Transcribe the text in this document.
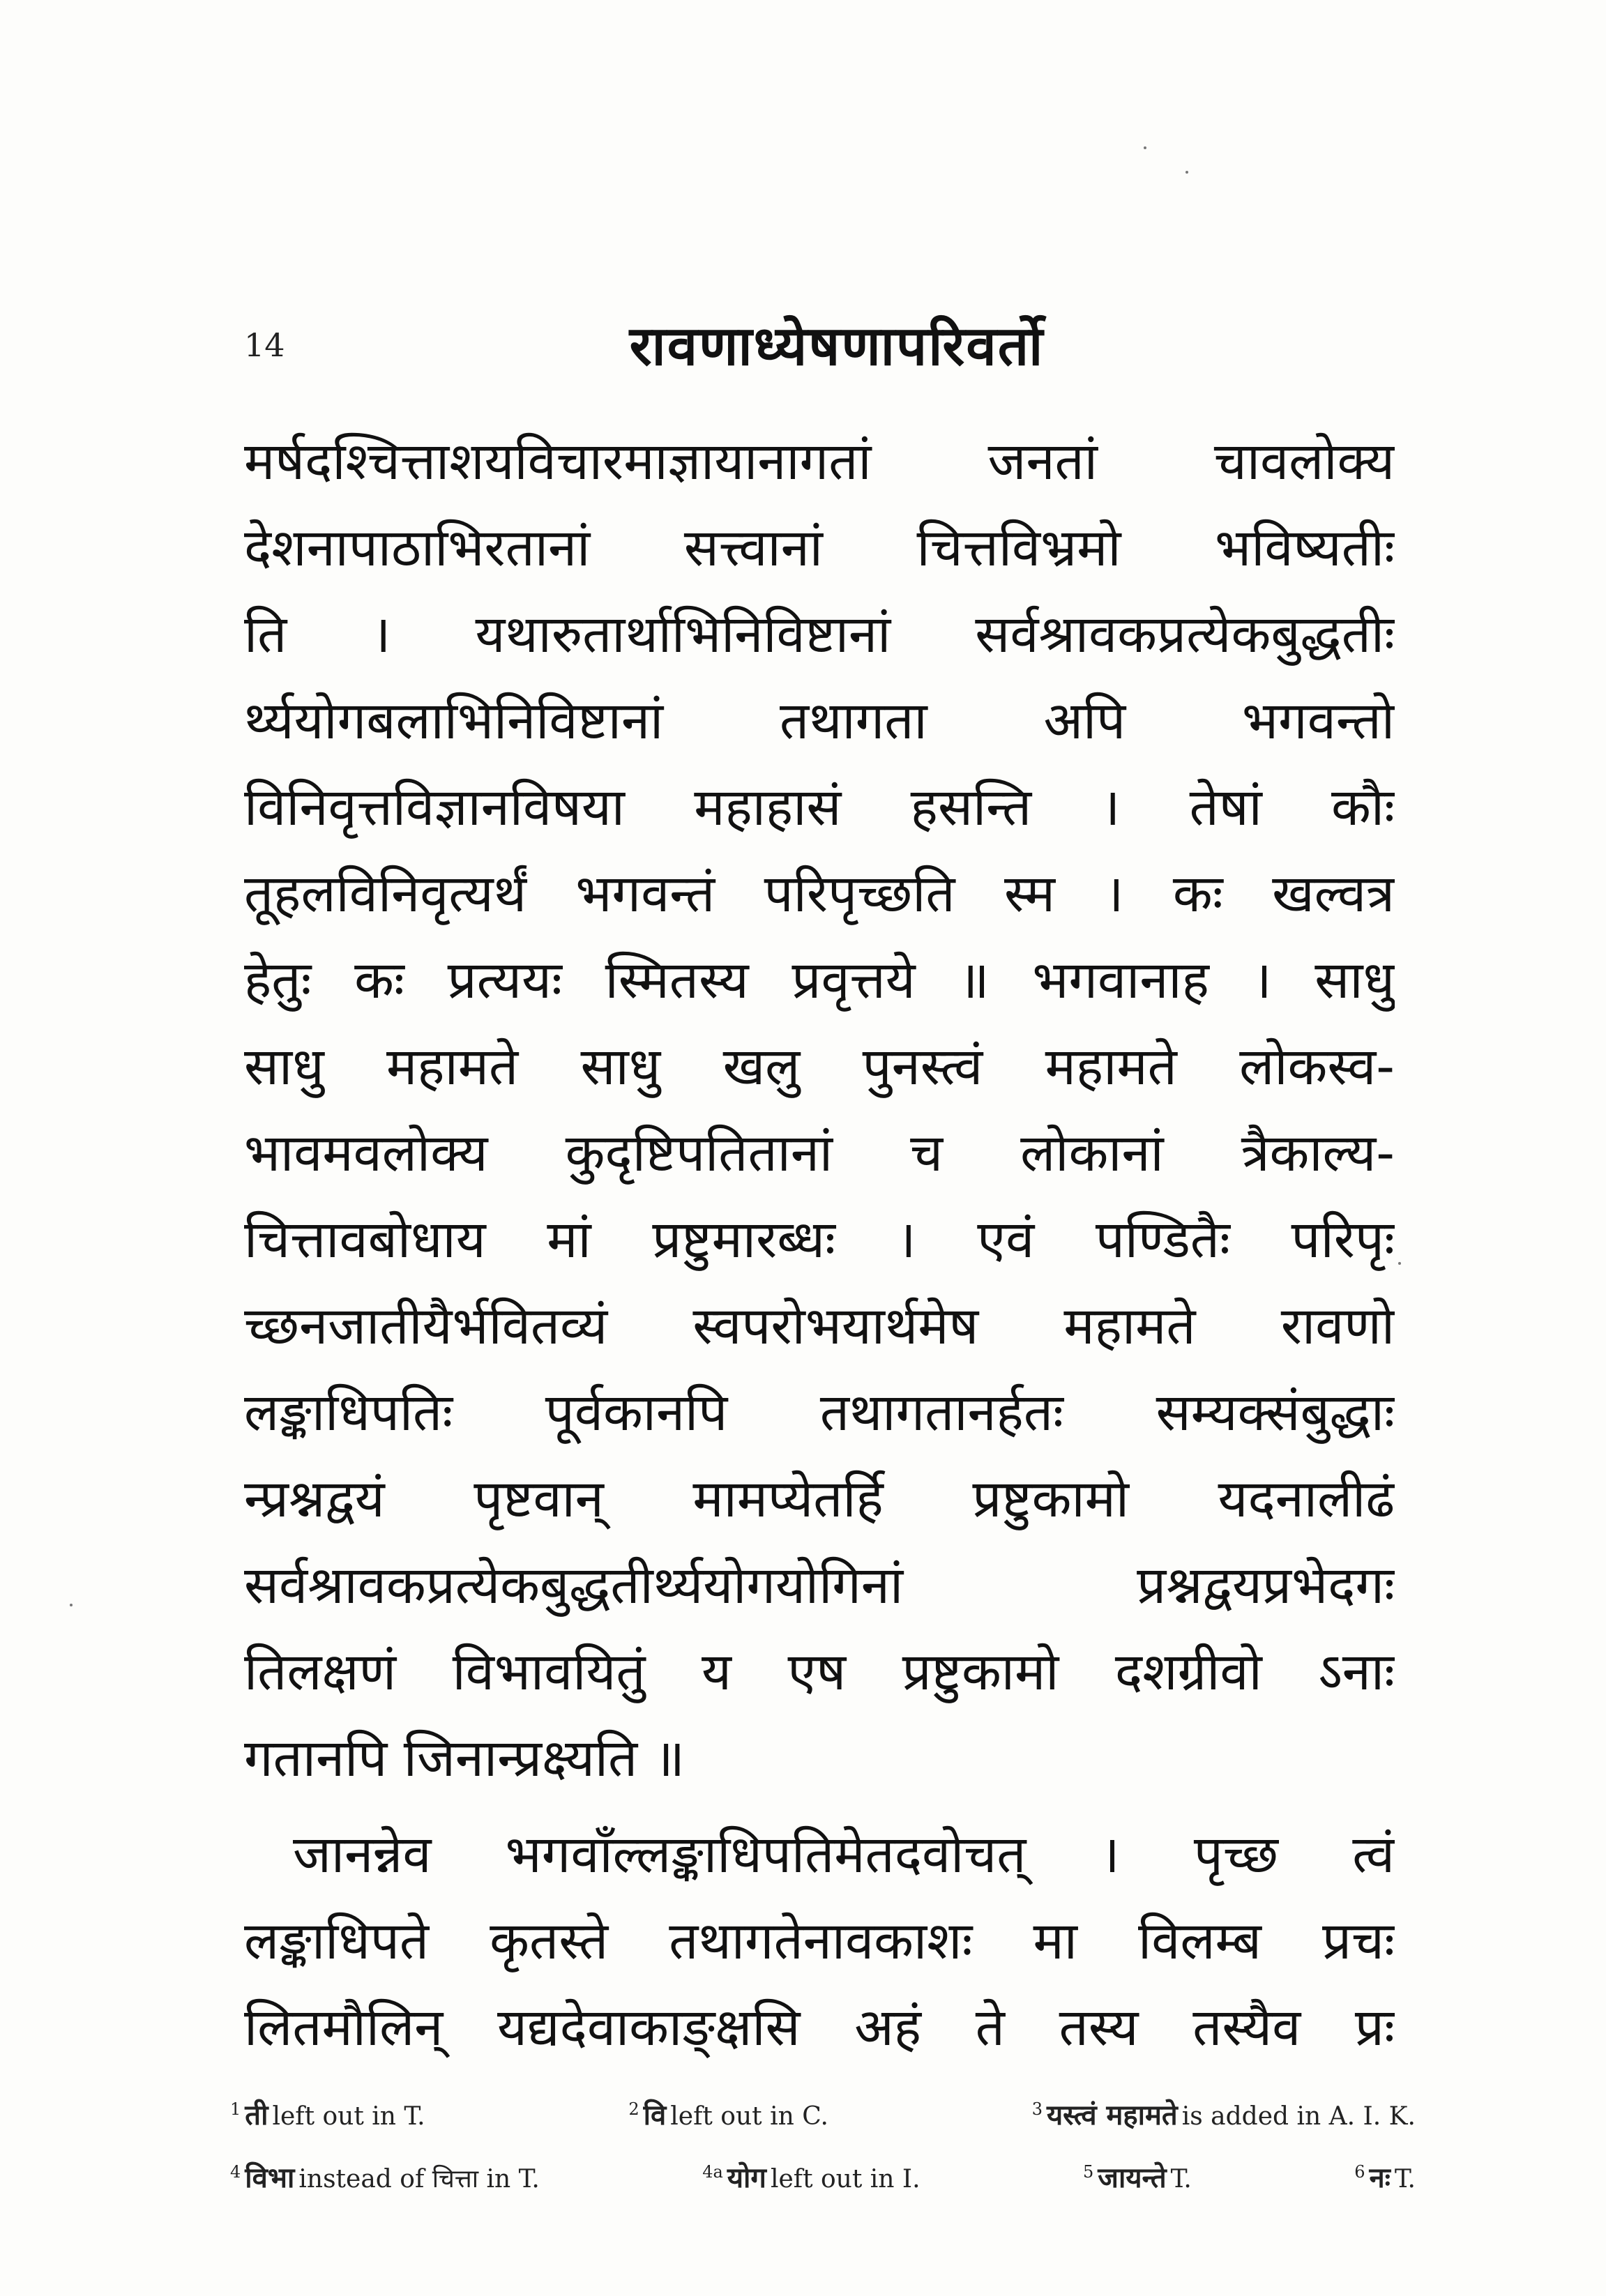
14	रावणाध्येषणापरिवर्तो
मर्षदश्चित्ताशयविचारमाज्ञायानागतां जनतां चावलोक्य
देशनापाठाभिरतानां सत्त्वानां चित्तविभ्रमो भविष्यतीः
ति । यथारुतार्थाभिनिविष्टानां सर्वश्रावकप्रत्येकबुद्धतीः
र्थ्ययोगबलाभिनिविष्टानां तथागता अपि भगवन्तो
विनिवृत्तविज्ञानविषया महाहासं हसन्ति । तेषां कौः
तूहलविनिवृत्यर्थं भगवन्तं परिपृच्छति स्म । कः खल्वत्र
हेतुः कः प्रत्ययः स्मितस्य प्रवृत्तये ॥ भगवानाह । साधु
साधु महामते साधु खलु पुनस्त्वं महामते लोकस्व-
भावमवलोक्य कुदृष्टिपतितानां च लोकानां त्रैकाल्य-
चित्तावबोधाय मां प्रष्टुमारब्धः । एवं पण्डितैः परिपृः
च्छनजातीयैर्भवितव्यं स्वपरोभयार्थमेष महामते रावणो
लङ्काधिपतिः पूर्वकानपि तथागतानर्हतः सम्यक्संबुद्धाः
न्प्रश्नद्वयं पृष्टवान् मामप्येतर्हि प्रष्टुकामो यदनालीढं
सर्वश्रावकप्रत्येकबुद्धतीर्थ्ययोगयोगिनां प्रश्नद्वयप्रभेदगः
तिलक्षणं विभावयितुं य एष प्रष्टुकामो दशग्रीवो ऽनाः
गतानपि जिनान्प्रक्ष्यति ॥
जानन्नेव भगवाँल्लङ्काधिपतिमेतदवोचत् । पृच्छ त्वं
लङ्काधिपते कृतस्ते तथागतेनावकाशः मा विलम्ब प्रचः
लितमौलिन् यद्यदेवाकाङ्क्षसि अहं ते तस्य तस्यैव प्रः
$^1$ ती left out in T.	$^2$ वि left out in C.	$^3$ यस्त्वं महामते is added in A. I. K.
$^4$ विभा instead of चित्ता in T.	$^{4a}$ योग left out in I.	$^5$ जायन्ते T.	$^6$ नः T.
